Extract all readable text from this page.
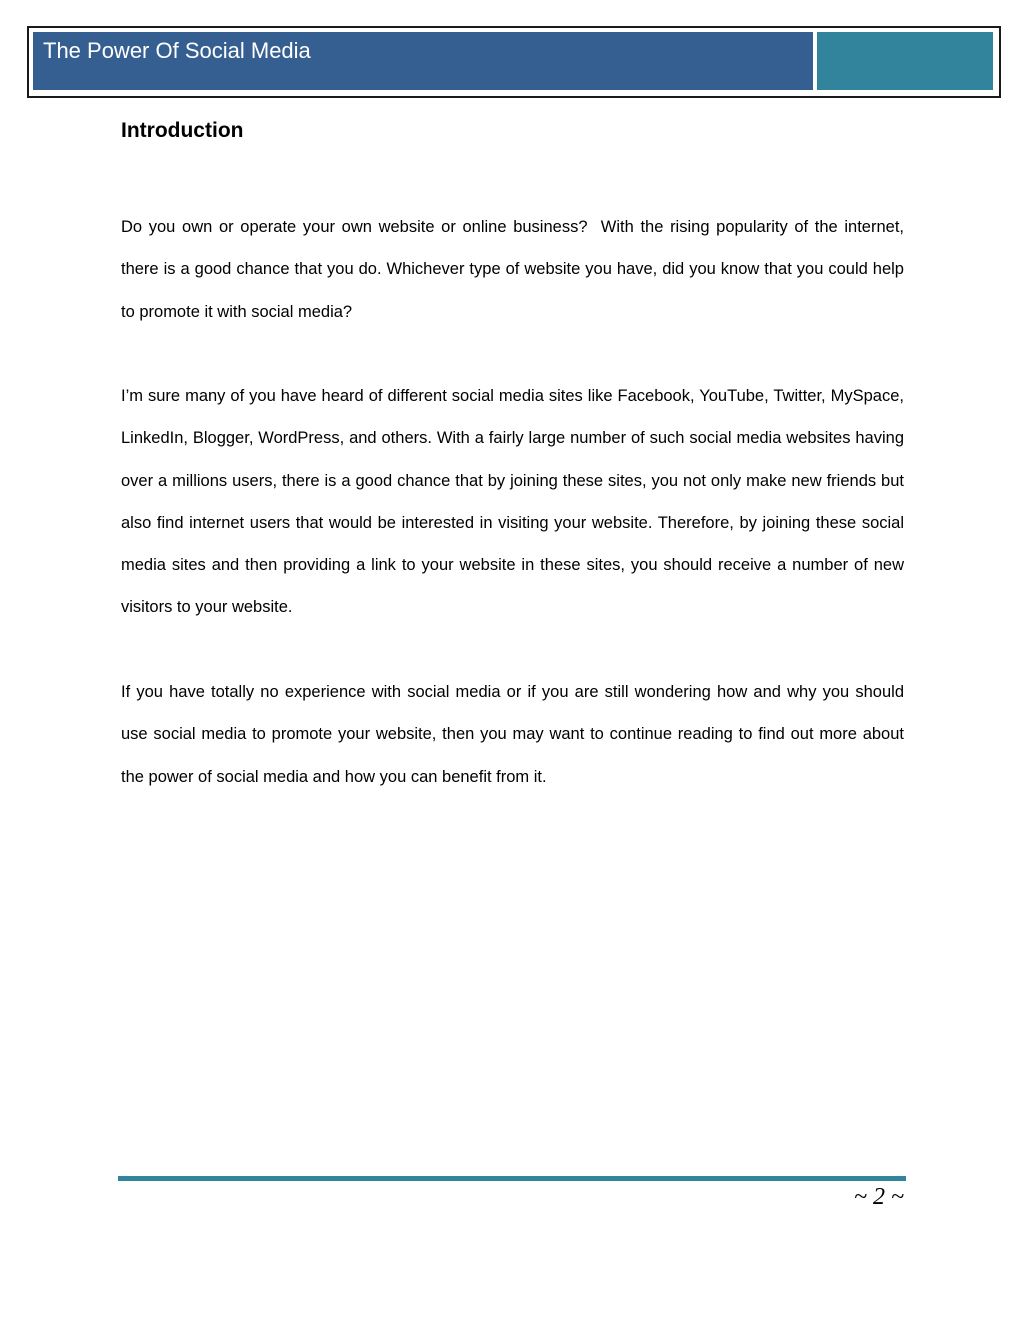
The Power Of Social Media
Introduction

Do you own or operate your own website or online business?  With the rising popularity of the internet, there is a good chance that you do. Whichever type of website you have, did you know that you could help to promote it with social media?

I’m sure many of you have heard of different social media sites like Facebook, YouTube, Twitter, MySpace, LinkedIn, Blogger, WordPress, and others. With a fairly large number of such social media websites having over a millions users, there is a good chance that by joining these sites, you not only make new friends but also find internet users that would be interested in visiting your website. Therefore, by joining these social media sites and then providing a link to your website in these sites, you should receive a number of new visitors to your website.

If you have totally no experience with social media or if you are still wondering how and why you should use social media to promote your website, then you may want to continue reading to find out more about the power of social media and how you can benefit from it.

~ 2 ~
